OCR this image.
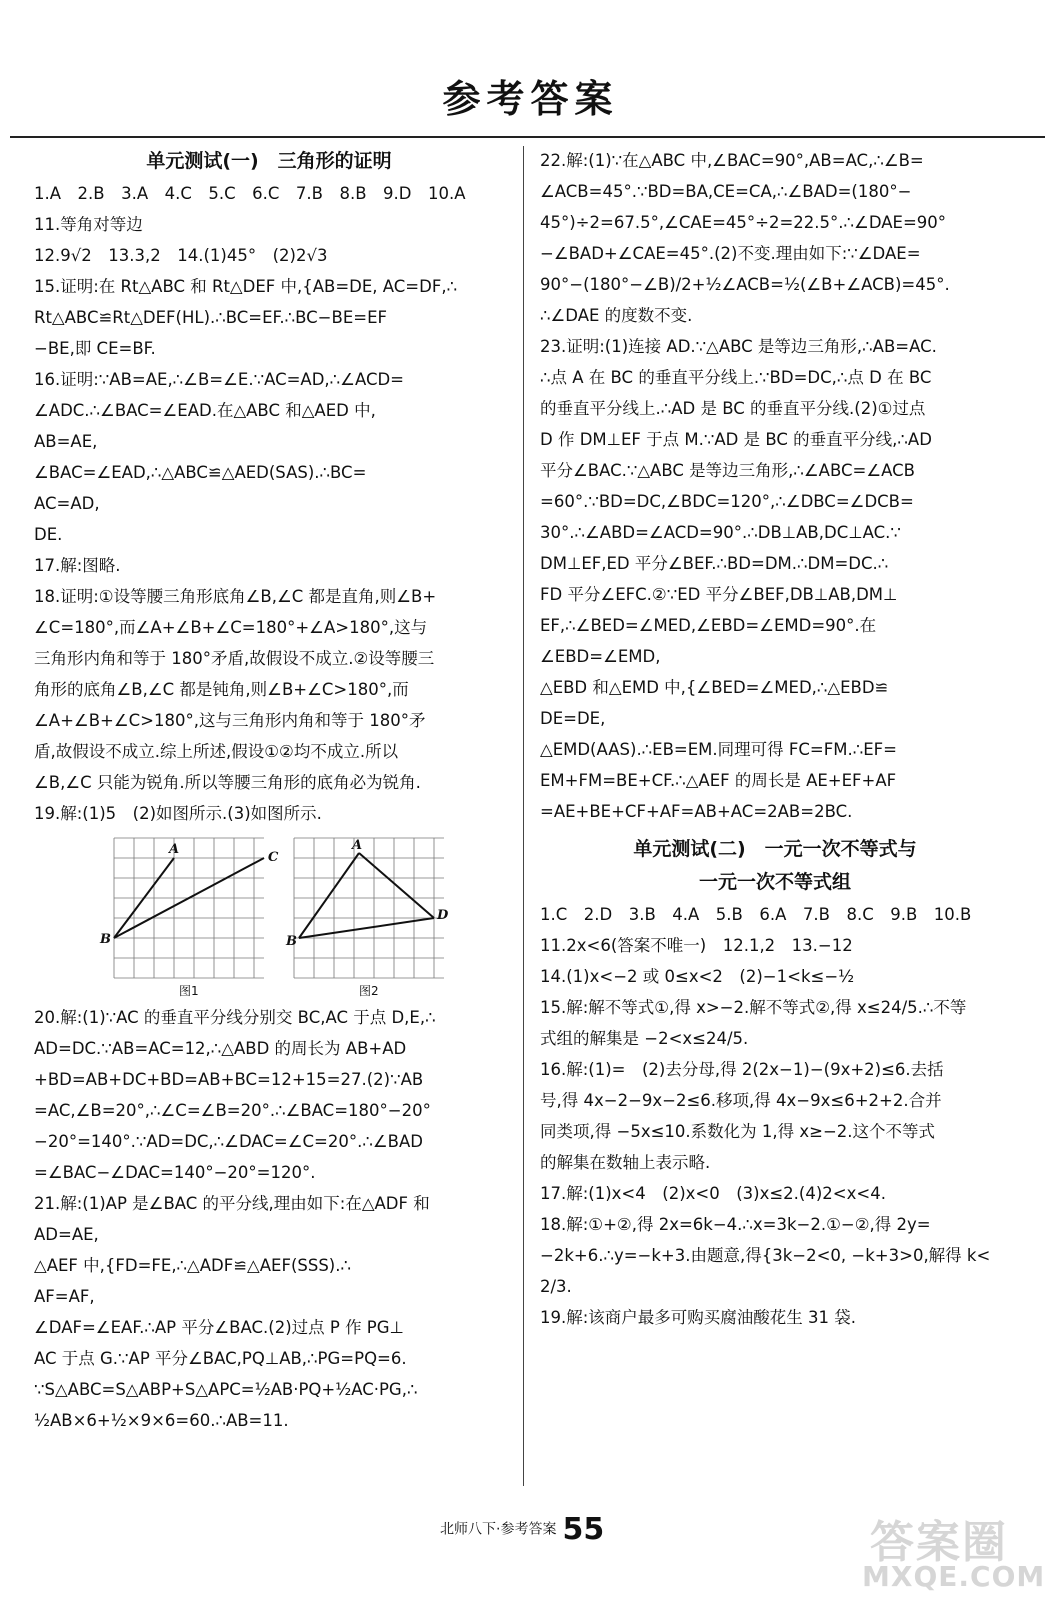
参考答案
单元测试(一)　三角形的证明
1.A　2.B　3.A　4.C　5.C　6.C　7.B　8.B　9.D　10.A
11.等角对等边
12.9√2　13.3,2　14.(1)45°　(2)2√3
15.证明:在 Rt△ABC 和 Rt△DEF 中,{AB=DE, AC=DF,∴
Rt△ABC≌Rt△DEF(HL).∴BC=EF.∴BC−BE=EF
−BE,即 CE=BF.
16.证明:∵AB=AE,∴∠B=∠E.∵AC=AD,∴∠ACD=
∠ADC.∴∠BAC=∠EAD.在△ABC 和△AED 中,
AB=AE,
∠BAC=∠EAD,∴△ABC≌△AED(SAS).∴BC=
AC=AD,
DE.
17.解:图略.
18.证明:①设等腰三角形底角∠B,∠C 都是直角,则∠B+
∠C=180°,而∠A+∠B+∠C=180°+∠A>180°,这与
三角形内角和等于 180°矛盾,故假设不成立.②设等腰三
角形的底角∠B,∠C 都是钝角,则∠B+∠C>180°,而
∠A+∠B+∠C>180°,这与三角形内角和等于 180°矛
盾,故假设不成立.综上所述,假设①②均不成立.所以
∠B,∠C 只能为锐角.所以等腰三角形的底角必为锐角.
19.解:(1)5　(2)如图所示.(3)如图所示.
A
B
C
A
B
D
图1	图2
20.解:(1)∵AC 的垂直平分线分别交 BC,AC 于点 D,E,∴
AD=DC.∵AB=AC=12,∴△ABD 的周长为 AB+AD
+BD=AB+DC+BD=AB+BC=12+15=27.(2)∵AB
=AC,∠B=20°,∴∠C=∠B=20°.∴∠BAC=180°−20°
−20°=140°.∵AD=DC,∴∠DAC=∠C=20°.∴∠BAD
=∠BAC−∠DAC=140°−20°=120°.
21.解:(1)AP 是∠BAC 的平分线,理由如下:在△ADF 和
AD=AE,
△AEF 中,{FD=FE,∴△ADF≌△AEF(SSS).∴
AF=AF,
∠DAF=∠EAF.∴AP 平分∠BAC.(2)过点 P 作 PG⊥
AC 于点 G.∵AP 平分∠BAC,PQ⊥AB,∴PG=PQ=6.
∵S△ABC=S△ABP+S△APC=½AB·PQ+½AC·PG,∴
½AB×6+½×9×6=60.∴AB=11.
22.解:(1)∵在△ABC 中,∠BAC=90°,AB=AC,∴∠B=
∠ACB=45°.∵BD=BA,CE=CA,∴∠BAD=(180°−
45°)÷2=67.5°,∠CAE=45°÷2=22.5°.∴∠DAE=90°
−∠BAD+∠CAE=45°.(2)不变.理由如下:∵∠DAE=
90°−(180°−∠B)/2+½∠ACB=½(∠B+∠ACB)=45°.
∴∠DAE 的度数不变.
23.证明:(1)连接 AD.∵△ABC 是等边三角形,∴AB=AC.
∴点 A 在 BC 的垂直平分线上.∵BD=DC,∴点 D 在 BC
的垂直平分线上.∴AD 是 BC 的垂直平分线.(2)①过点
D 作 DM⊥EF 于点 M.∵AD 是 BC 的垂直平分线,∴AD
平分∠BAC.∵△ABC 是等边三角形,∴∠ABC=∠ACB
=60°.∵BD=DC,∠BDC=120°,∴∠DBC=∠DCB=
30°.∴∠ABD=∠ACD=90°.∴DB⊥AB,DC⊥AC.∵
DM⊥EF,ED 平分∠BEF.∴BD=DM.∴DM=DC.∴
FD 平分∠EFC.②∵ED 平分∠BEF,DB⊥AB,DM⊥
EF,∴∠BED=∠MED,∠EBD=∠EMD=90°.在
∠EBD=∠EMD,
△EBD 和△EMD 中,{∠BED=∠MED,∴△EBD≌
DE=DE,
△EMD(AAS).∴EB=EM.同理可得 FC=FM.∴EF=
EM+FM=BE+CF.∴△AEF 的周长是 AE+EF+AF
=AE+BE+CF+AF=AB+AC=2AB=2BC.
单元测试(二)　一元一次不等式与
一元一次不等式组
1.C　2.D　3.B　4.A　5.B　6.A　7.B　8.C　9.B　10.B
11.2x<6(答案不唯一)　12.1,2　13.−12
14.(1)x<−2 或 0≤x<2　(2)−1<k≤−½
15.解:解不等式①,得 x>−2.解不等式②,得 x≤24/5.∴不等
式组的解集是 −2<x≤24/5.
16.解:(1)=　(2)去分母,得 2(2x−1)−(9x+2)≤6.去括
号,得 4x−2−9x−2≤6.移项,得 4x−9x≤6+2+2.合并
同类项,得 −5x≤10.系数化为 1,得 x≥−2.这个不等式
的解集在数轴上表示略.
17.解:(1)x<4　(2)x<0　(3)x≤2.(4)2<x<4.
18.解:①+②,得 2x=6k−4.∴x=3k−2.①−②,得 2y=
−2k+6.∴y=−k+3.由题意,得{3k−2<0, −k+3>0,解得 k<
2/3.
19.解:该商户最多可购买腐油酸花生 31 袋.
北师八下·参考答案 55	答案圈
MXQE.COM
